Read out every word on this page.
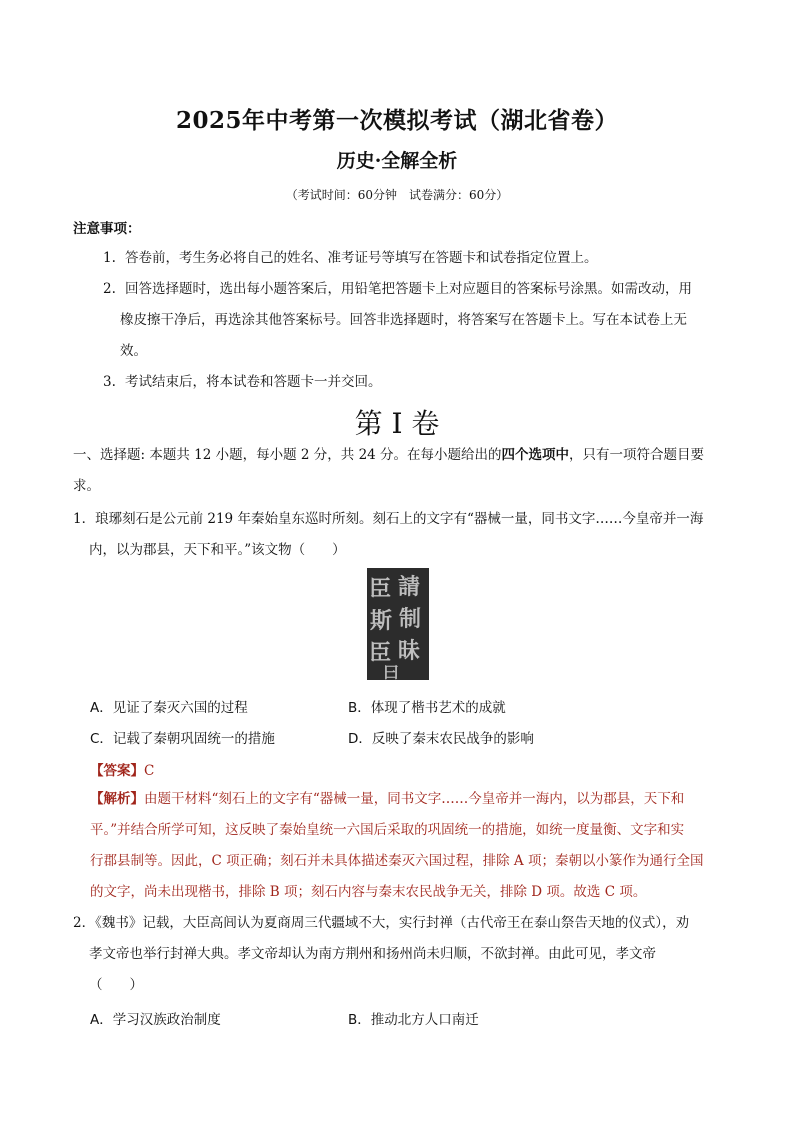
2025年中考第一次模拟考试（湖北省卷）
历史·全解全析
（考试时间：60分钟　试卷满分：60分）
注意事项：
1. 答卷前，考生务必将自己的姓名、准考证号等填写在答题卡和试卷指定位置上。
2. 回答选择题时，选出每小题答案后，用铅笔把答题卡上对应题目的答案标号涂黑。如需改动，用
橡皮擦干净后，再选涂其他答案标号。回答非选择题时，将答案写在答题卡上。写在本试卷上无
效。
3. 考试结束后，将本试卷和答题卡一并交回。
第 I 卷
一、选择题: 本题共 12 小题，每小题 2 分，共 24 分。在每小题给出的四个选项中，只有一项符合题目要
求。
1．琅琊刻石是公元前 219 年秦始皇东巡时所刻。刻石上的文字有“器械一量，同书文字……今皇帝并一海
内，以为郡县，天下和平。”该文物（　　）
臣 請
斯 制
臣 昧
曰
A．见证了秦灭六国的过程	B．体现了楷书艺术的成就
C．记载了秦朝巩固统一的措施	D．反映了秦末农民战争的影响
【答案】C
【解析】由题干材料“刻石上的文字有“器械一量，同书文字……今皇帝并一海内，以为郡县，天下和
平。”并结合所学可知，这反映了秦始皇统一六国后采取的巩固统一的措施，如统一度量衡、文字和实
行郡县制等。因此，C 项正确；刻石并未具体描述秦灭六国过程，排除 A 项；秦朝以小篆作为通行全国
的文字，尚未出现楷书，排除 B 项；刻石内容与秦末农民战争无关，排除 D 项。故选 C 项。
2．《魏书》记载，大臣高闾认为夏商周三代疆域不大，实行封禅（古代帝王在泰山祭告天地的仪式），劝
孝文帝也举行封禅大典。孝文帝却认为南方荆州和扬州尚未归顺，不欲封禅。由此可见，孝文帝
（　　）
A．学习汉族政治制度	B．推动北方人口南迁
